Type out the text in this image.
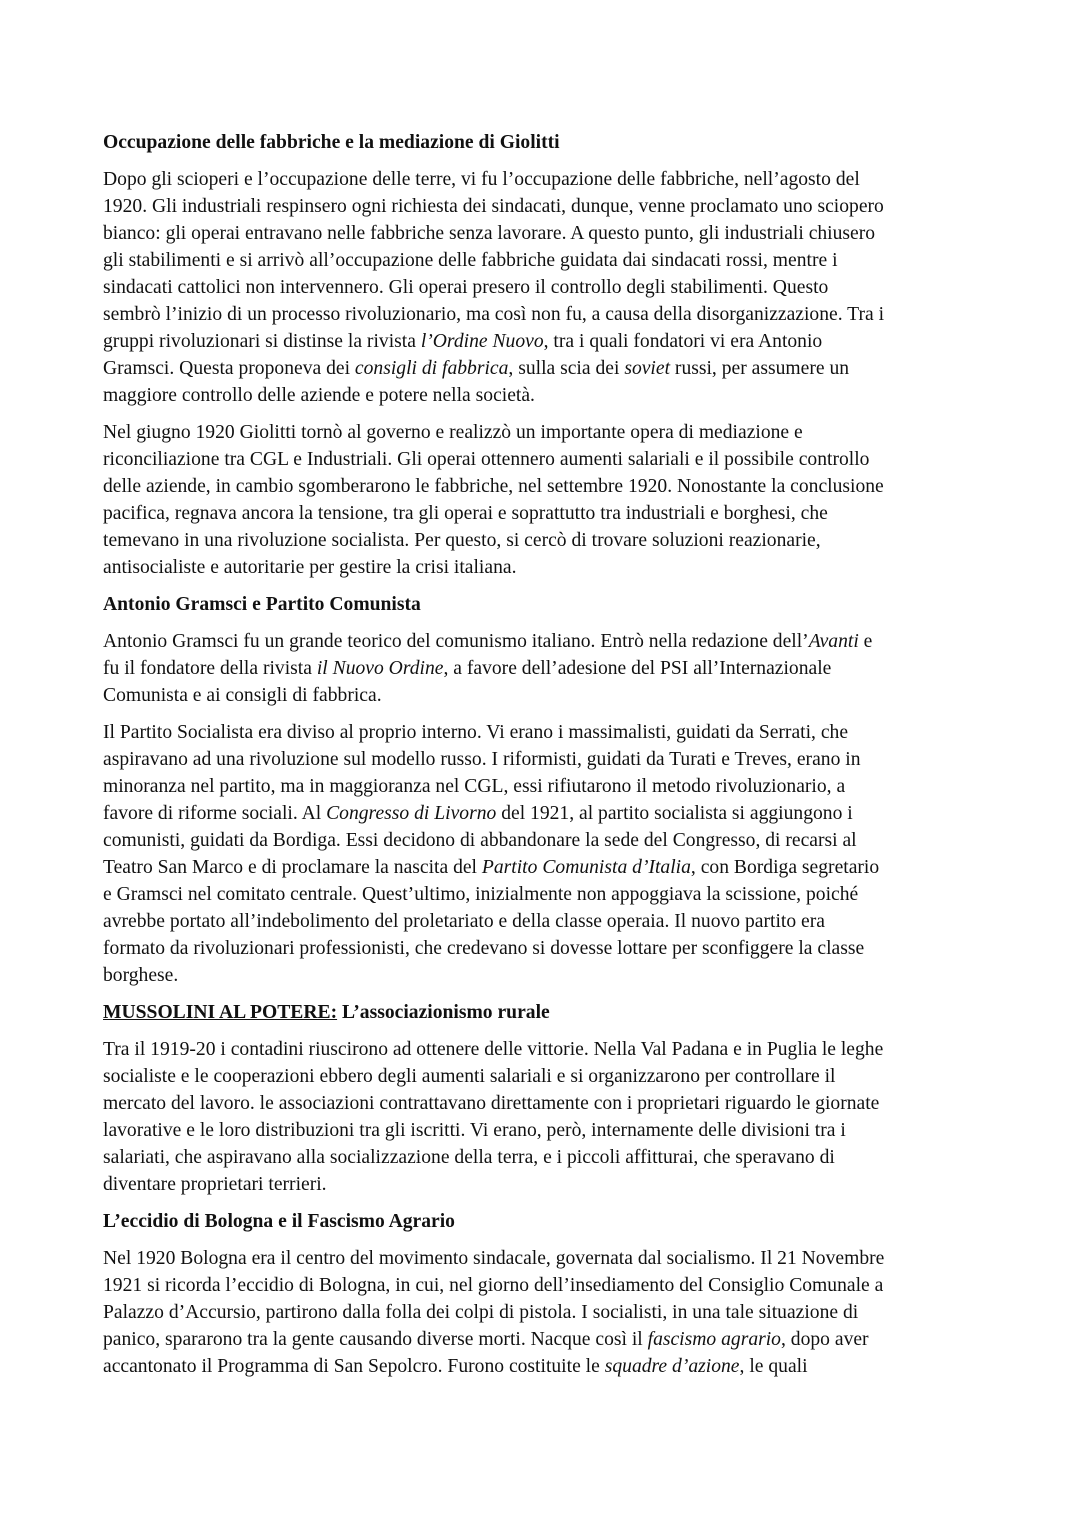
Occupazione delle fabbriche e la mediazione di Giolitti
Dopo gli scioperi e l’occupazione delle terre, vi fu l’occupazione delle fabbriche, nell’agosto del
1920. Gli industriali respinsero ogni richiesta dei sindacati, dunque, venne proclamato uno sciopero
bianco: gli operai entravano nelle fabbriche senza lavorare. A questo punto, gli industriali chiusero
gli stabilimenti e si arrivò all’occupazione delle fabbriche guidata dai sindacati rossi, mentre i
sindacati cattolici non intervennero. Gli operai presero il controllo degli stabilimenti. Questo
sembrò l’inizio di un processo rivoluzionario, ma così non fu, a causa della disorganizzazione. Tra i
gruppi rivoluzionari si distinse la rivista l’Ordine Nuovo, tra i quali fondatori vi era Antonio
Gramsci. Questa proponeva dei consigli di fabbrica, sulla scia dei soviet russi, per assumere un
maggiore controllo delle aziende e potere nella società.
Nel giugno 1920 Giolitti tornò al governo e realizzò un importante opera di mediazione e
riconciliazione tra CGL e Industriali. Gli operai ottennero aumenti salariali e il possibile controllo
delle aziende, in cambio sgomberarono le fabbriche, nel settembre 1920. Nonostante la conclusione
pacifica, regnava ancora la tensione, tra gli operai e soprattutto tra industriali e borghesi, che
temevano in una rivoluzione socialista. Per questo, si cercò di trovare soluzioni reazionarie,
antisocialiste e autoritarie per gestire la crisi italiana.
Antonio Gramsci e Partito Comunista
Antonio Gramsci fu un grande teorico del comunismo italiano. Entrò nella redazione dell’Avanti e
fu il fondatore della rivista il Nuovo Ordine, a favore dell’adesione del PSI all’Internazionale
Comunista e ai consigli di fabbrica.
Il Partito Socialista era diviso al proprio interno. Vi erano i massimalisti, guidati da Serrati, che
aspiravano ad una rivoluzione sul modello russo. I riformisti, guidati da Turati e Treves, erano in
minoranza nel partito, ma in maggioranza nel CGL, essi rifiutarono il metodo rivoluzionario, a
favore di riforme sociali. Al Congresso di Livorno del 1921, al partito socialista si aggiungono i
comunisti, guidati da Bordiga. Essi decidono di abbandonare la sede del Congresso, di recarsi al
Teatro San Marco e di proclamare la nascita del Partito Comunista d’Italia, con Bordiga segretario
e Gramsci nel comitato centrale. Quest’ultimo, inizialmente non appoggiava la scissione, poiché
avrebbe portato all’indebolimento del proletariato e della classe operaia. Il nuovo partito era
formato da rivoluzionari professionisti, che credevano si dovesse lottare per sconfiggere la classe
borghese.
MUSSOLINI AL POTERE: L’associazionismo rurale
Tra il 1919-20 i contadini riuscirono ad ottenere delle vittorie. Nella Val Padana e in Puglia le leghe
socialiste e le cooperazioni ebbero degli aumenti salariali e si organizzarono per controllare il
mercato del lavoro. le associazioni contrattavano direttamente con i proprietari riguardo le giornate
lavorative e le loro distribuzioni tra gli iscritti. Vi erano, però, internamente delle divisioni tra i
salariati, che aspiravano alla socializzazione della terra, e i piccoli affitturai, che speravano di
diventare proprietari terrieri.
L’eccidio di Bologna e il Fascismo Agrario
Nel 1920 Bologna era il centro del movimento sindacale, governata dal socialismo. Il 21 Novembre
1921 si ricorda l’eccidio di Bologna, in cui, nel giorno dell’insediamento del Consiglio Comunale a
Palazzo d’Accursio, partirono dalla folla dei colpi di pistola. I socialisti, in una tale situazione di
panico, spararono tra la gente causando diverse morti. Nacque così il fascismo agrario, dopo aver
accantonato il Programma di San Sepolcro. Furono costituite le squadre d’azione, le quali
